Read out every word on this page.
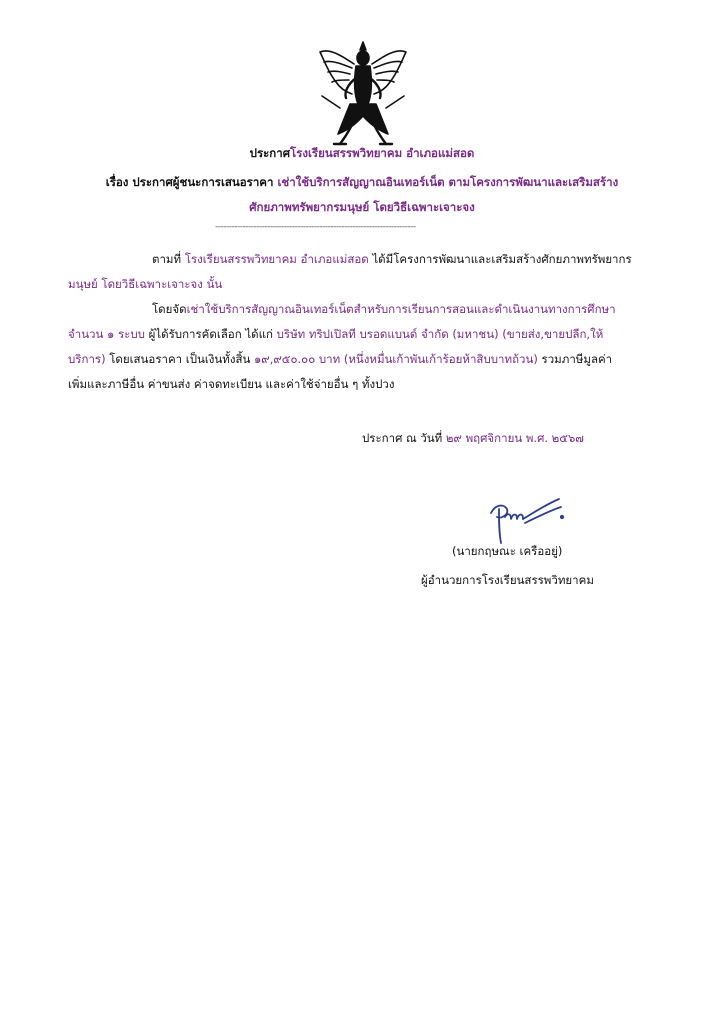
ประกาศโรงเรียนสรรพวิทยาคม อำเภอแม่สอด
เรื่อง ประกาศผู้ชนะการเสนอราคา เช่าใช้บริการสัญญาณอินเทอร์เน็ต ตามโครงการพัฒนาและเสริมสร้าง
ศักยภาพทรัพยากรมนุษย์ โดยวิธีเฉพาะเจาะจง
-------------------------------------------------------------------------
ตามที่ โรงเรียนสรรพวิทยาคม อำเภอแม่สอด ได้มีโครงการพัฒนาและเสริมสร้างศักยภาพทรัพยากร
มนุษย์ โดยวิธีเฉพาะเจาะจง นั้น
โดยจัดเช่าใช้บริการสัญญาณอินเทอร์เน็ตสำหรับการเรียนการสอนและดำเนินงานทางการศึกษา
จำนวน ๑ ระบบ ผู้ได้รับการคัดเลือก ได้แก่ บริษัท ทริปเปิลที บรอดแบนด์ จำกัด (มหาชน) (ขายส่ง,ขายปลีก,ให้
บริการ) โดยเสนอราคา เป็นเงินทั้งสิ้น ๑๙,๙๕๐.๐๐ บาท (หนึ่งหมื่นเก้าพันเก้าร้อยห้าสิบบาทถ้วน) รวมภาษีมูลค่า
เพิ่มและภาษีอื่น ค่าขนส่ง ค่าจดทะเบียน และค่าใช้จ่ายอื่น ๆ ทั้งปวง
ประกาศ ณ วันที่ ๒๙ พฤศจิกายน พ.ศ. ๒๕๖๗
(นายกฤษณะ เครืออยู่)
ผู้อำนวยการโรงเรียนสรรพวิทยาคม
